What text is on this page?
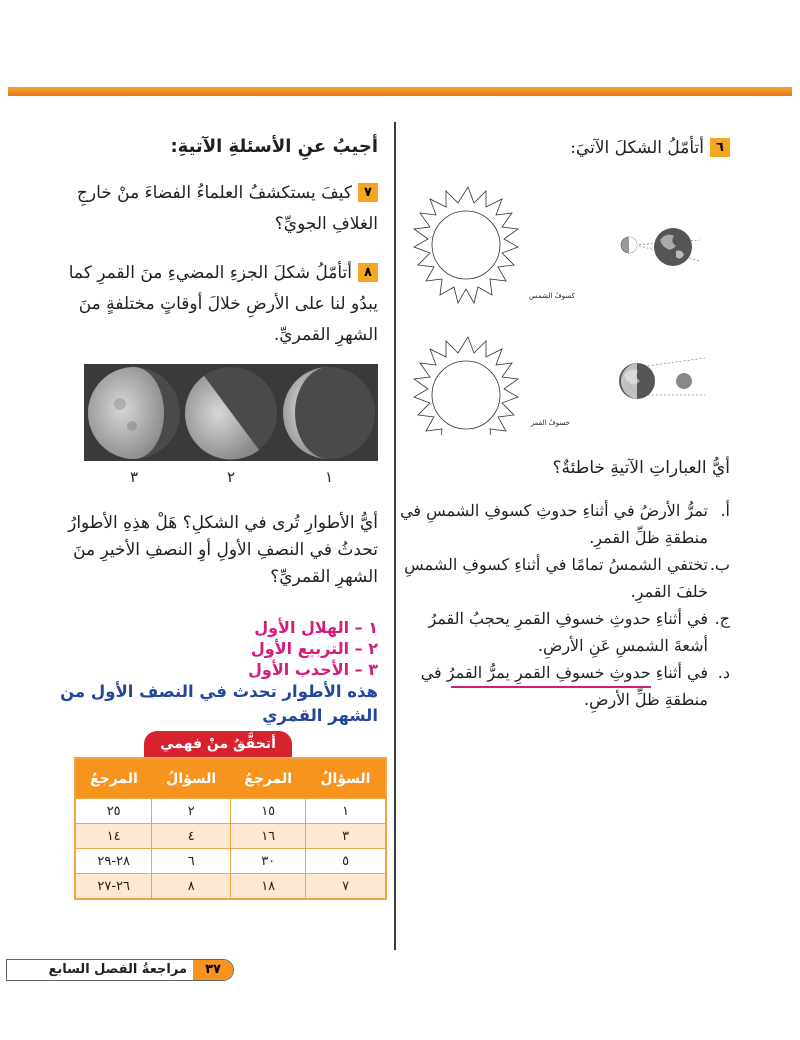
٦أتأمّلُ الشكلَ الآتيَ:
كسوفُ الشمس
خسوفُ القمر
أيُّ العباراتِ الآتيةِ خاطئةٌ؟
أ.
تمرُّ الأرضُ في أثناءِ حدوثِ كسوفِ الشمسِ في منطقةِ ظلِّ القمرِ.
ب.
تختفي الشمسُ تمامًا في أثناءِ كسوفِ الشمسِ خلفَ القمرِ.
ج.
في أثناءِ حدوثِ خسوفِ القمرِ يحجبُ القمرُ أشعةَ الشمسِ عَنِ الأرضِ.
د.
في أثناءِ حدوثِ خسوفِ القمرِ يمرُّ القمرُ في منطقةِ ظلِّ الأرضِ.
أجيبُ عنِ الأسئلةِ الآتيةِ:
٧كيفَ يستكشفُ العلماءُ الفضاءَ منْ خارجِ الغلافِ الجويِّ؟
٨أتأمّلُ شكلَ الجزءِ المضيءِ منَ القمرِ كما يبدُو لنا على الأرضِ خلالَ أوقاتٍ مختلفةٍ منَ الشهرِ القمريِّ.
٣	٢	١
أيُّ الأطوارِ تُرى في الشكلِ؟ هَلْ هذِهِ الأطوارُ تحدثُ في النصفِ الأولِ أوِ النصفِ الأخيرِ منَ الشهرِ القمريِّ؟
١ – الهلال الأول
٢ – التربيع الأول
٣ – الأحدب الأول
هذه الأطوار تحدث في النصف الأول من الشهر القمري
أتحقَّقُ منْ فهمي
السؤالُ	المرجعُ	السؤالُ	المرجعُ
١	١٥	٢	٢٥
٣	١٦	٤	١٤
٥	٣٠	٦	٢٨-٢٩
٧	١٨	٨	٢٦-٢٧
مراجعةُ الفصل السابع	٣٧
